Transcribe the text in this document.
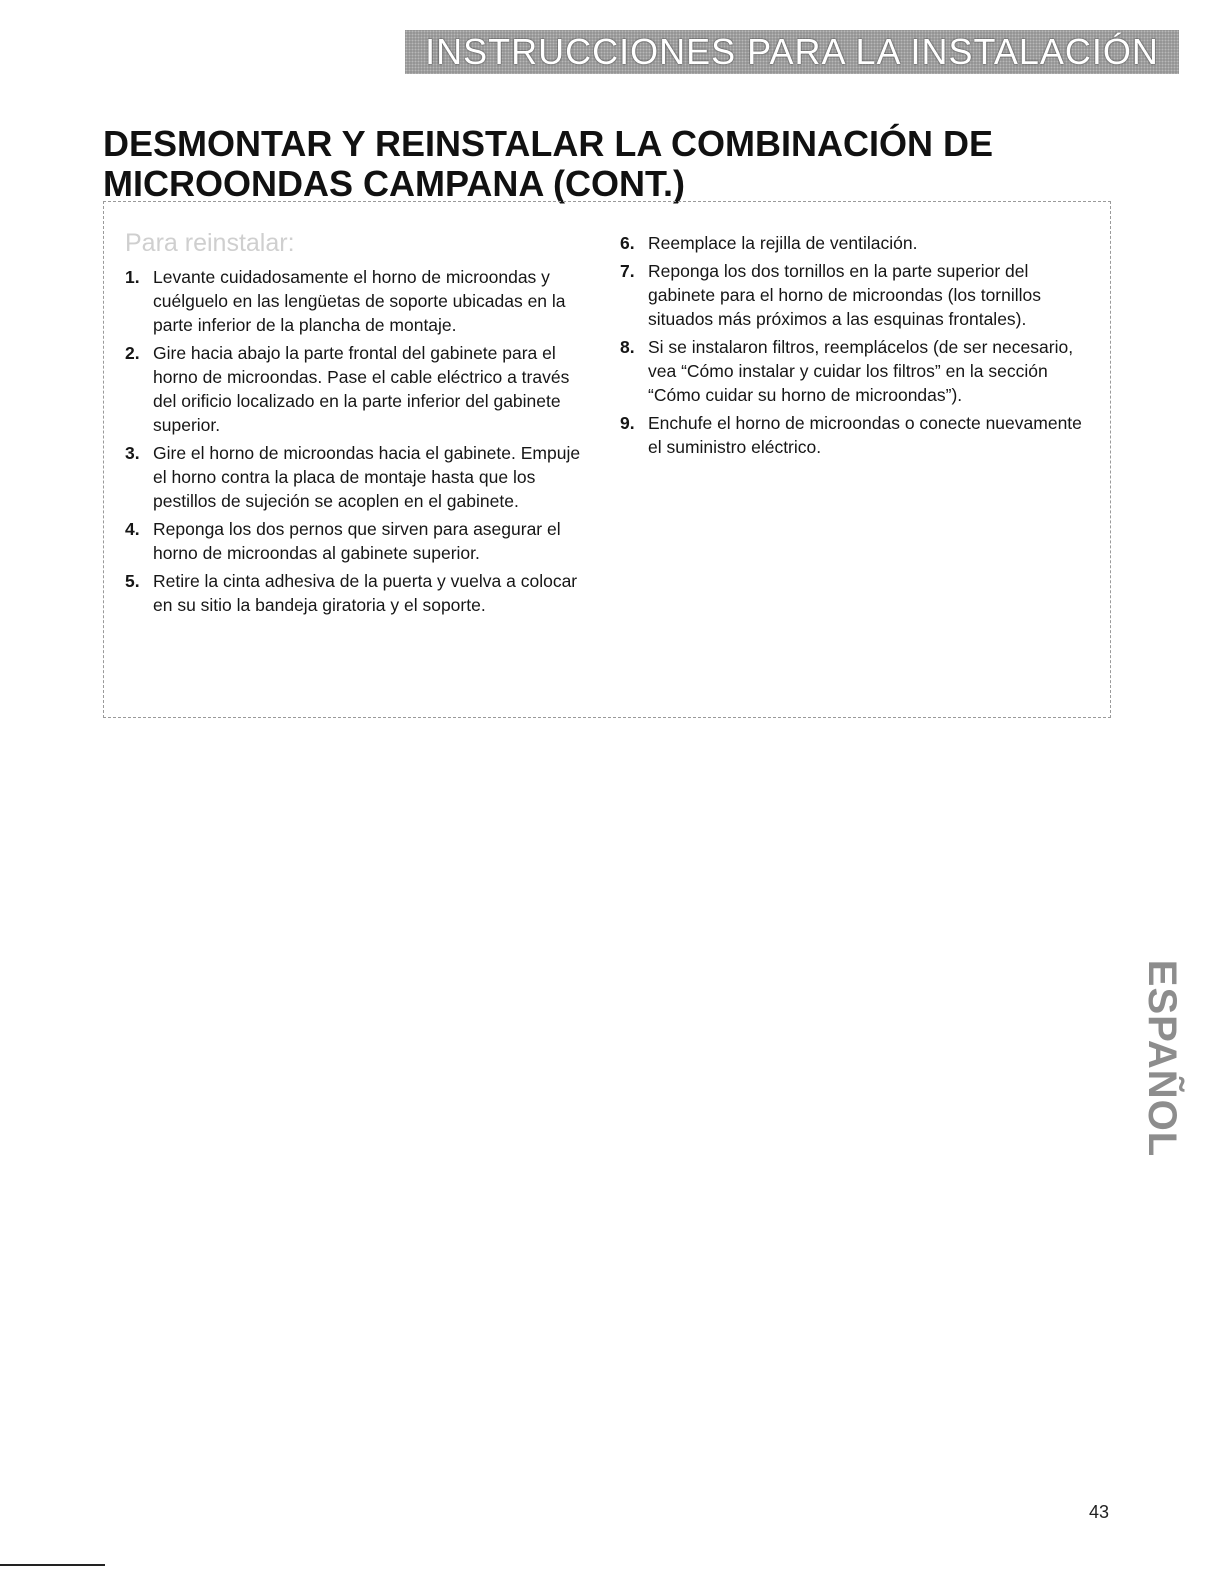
INSTRUCCIONES PARA LA INSTALACIÓN
DESMONTAR Y REINSTALAR LA COMBINACIÓN DE MICROONDAS CAMPANA (CONT.)
Para reinstalar:
1. Levante cuidadosamente el horno de microondas y cuélguelo en las lengüetas de soporte ubicadas en la parte inferior de la plancha de montaje.
2. Gire hacia abajo la parte frontal del gabinete para el horno de microondas. Pase el cable eléctrico a través del orificio localizado en la parte inferior del gabinete superior.
3. Gire el horno de microondas hacia el gabinete. Empuje el horno contra la placa de montaje hasta que los pestillos de sujeción se acoplen en el gabinete.
4. Reponga los dos pernos que sirven para asegurar el horno de microondas al gabinete superior.
5. Retire la cinta adhesiva de la puerta y vuelva a colocar en su sitio la bandeja giratoria y el soporte.
6. Reemplace la rejilla de ventilación.
7. Reponga los dos tornillos en la parte superior del gabinete para el horno de microondas (los tornillos situados más próximos a las esquinas frontales).
8. Si se instalaron filtros, reemplácelos (de ser necesario, vea “Cómo instalar y cuidar los filtros” en la sección “Cómo cuidar su horno de microondas”).
9. Enchufe el horno de microondas o conecte nuevamente el suministro eléctrico.
ESPAÑOL
43
